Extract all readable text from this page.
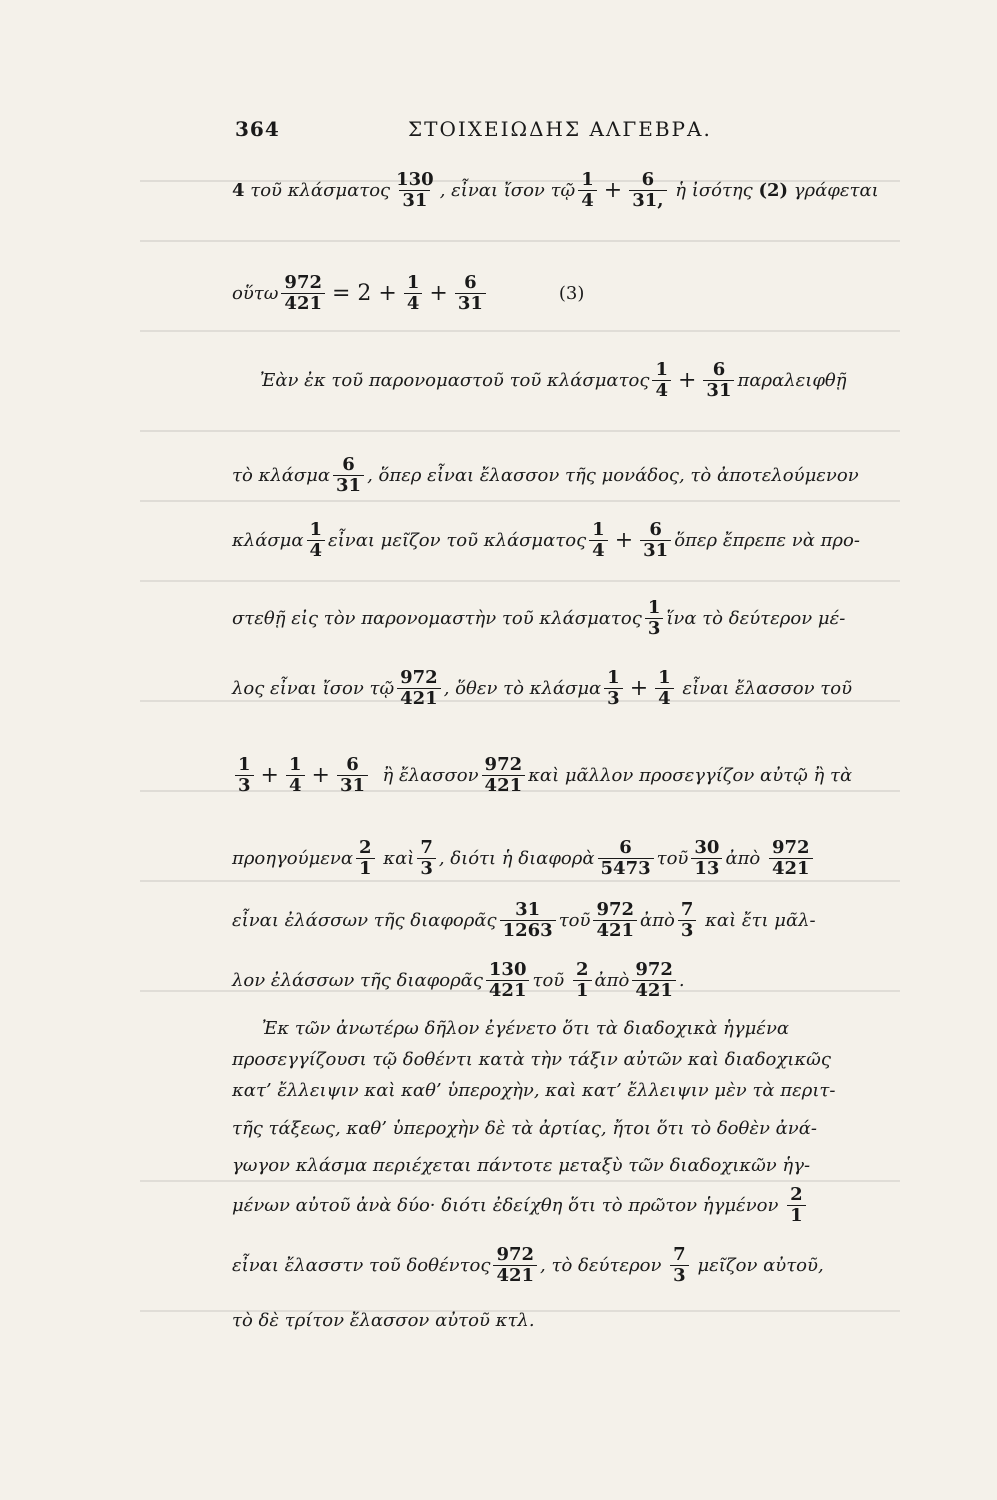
364	ΣΤΟΙΧΕΙΩΔΗΣ ΑΛΓΕΒΡΑ.
4
τοῦ κλάσματος $\frac{130}{31}$ , εἶναι ἴσον τῷ $\frac{1}{4} + \frac{6}{31,}$
ἡ ἰσότης
(2)
γράφεται
οὕτω $\frac{972}{421} = 2 + \frac{1}{4} + \frac{6}{31}$	(3)
Ἐὰν ἐκ τοῦ παρονομαστοῦ τοῦ κλάσματος $\frac{1}{4} + \frac{6}{31}$ παραλειφθῇ
τὸ κλάσμα $\frac{6}{31}$ , ὅπερ εἶναι ἔλασσον τῆς μονάδος, τὸ ἀποτελούμενον
κλάσμα $\frac{1}{4}$ εἶναι μεῖζον τοῦ κλάσματος $\frac{1}{4} + \frac{6}{31}$ ὅπερ ἔπρεπε νὰ προ-
στεθῇ εἰς τὸν παρονομαστὴν τοῦ κλάσματος $\frac{1}{3}$ ἵνα τὸ δεύτερον μέ-
λος εἶναι ἴσον τῷ $\frac{972}{421}$ , ὅθεν τὸ κλάσμα $\frac{1}{3} + \frac{1}{4}$
εἶναι ἔλασσον τοῦ
$\frac{1}{3} + \frac{1}{4} + \frac{6}{31}$
ἢ ἔλασσον $\frac{972}{421}$ καὶ μᾶλλον προσεγγίζον αὐτῷ ἢ τὰ
προηγούμενα $\frac{2}{1}$
καὶ $\frac{7}{3}$ , διότι ἡ διαφορὰ $\frac{6}{5473}$ τοῦ $\frac{30}{13}$ ἀπὸ
$\frac{972}{421}$
εἶναι ἐλάσσων τῆς διαφορᾶς $\frac{31}{1263}$ τοῦ $\frac{972}{421}$ ἀπὸ $\frac{7}{3}$
καὶ ἔτι μᾶλ-
λον ἐλάσσων τῆς διαφορᾶς $\frac{130}{421}$ τοῦ
$\frac{2}{1}$ ἀπὸ $\frac{972}{421}$ .
Ἐκ τῶν ἀνωτέρω δῆλον ἐγένετο ὅτι τὰ διαδοχικὰ ἡγμένα
προσεγγίζουσι τῷ δοθέντι κατὰ τὴν τάξιν αὐτῶν καὶ διαδοχικῶς
κατ’ ἔλλειψιν καὶ καθ’ ὑπεροχὴν, καὶ κατ’ ἔλλειψιν μὲν τὰ περιτ-
τῆς τάξεως, καθ’ ὑπεροχὴν δὲ τὰ ἀρτίας, ἤτοι ὅτι τὸ δοθὲν ἀνά-
γωγον κλάσμα περιέχεται πάντοτε μεταξὺ τῶν διαδοχικῶν ἡγ-
μένων αὐτοῦ ἀνὰ δύο· διότι ἐδείχθη ὅτι τὸ πρῶτον ἡγμένον
$\frac{2}{1}$
εἶναι ἔλασστν τοῦ δοθέντος $\frac{972}{421}$ , τὸ δεύτερον
$\frac{7}{3}$
μεῖζον αὐτοῦ,
τὸ δὲ τρίτον ἔλασσον αὐτοῦ κτλ.
